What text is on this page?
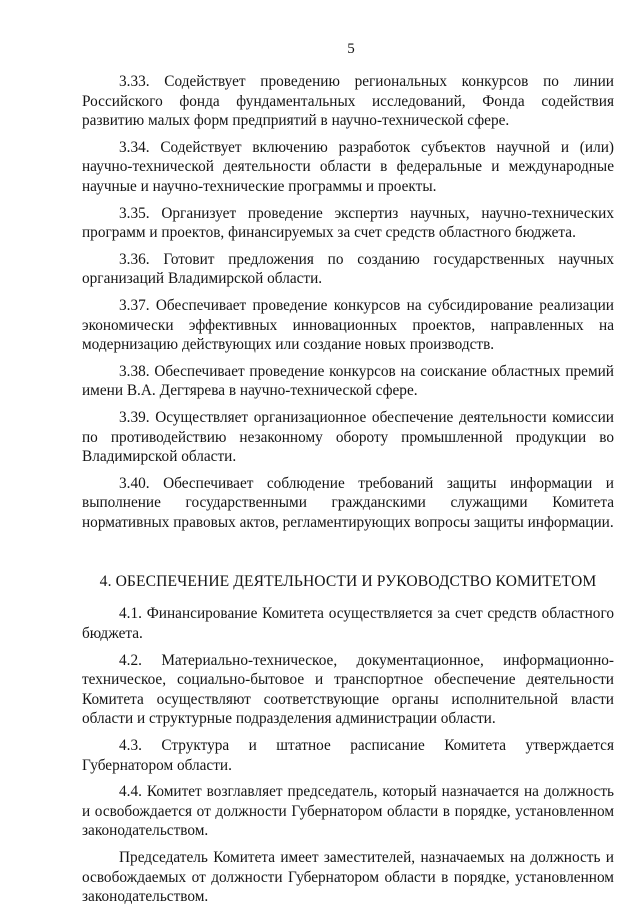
5

3.33. Содействует проведению региональных конкурсов по линии Российского фонда фундаментальных исследований, Фонда содействия развитию малых форм предприятий в научно-технической сфере.

3.34. Содействует включению разработок субъектов научной и (или) научно-технической деятельности области в федеральные и международные научные и научно-технические программы и проекты.

3.35. Организует проведение экспертиз научных, научно-технических программ и проектов, финансируемых за счет средств областного бюджета.

3.36. Готовит предложения по созданию государственных научных организаций Владимирской области.

3.37. Обеспечивает проведение конкурсов на субсидирование реализации экономически эффективных инновационных проектов, направленных на модернизацию действующих или создание новых производств.

3.38. Обеспечивает проведение конкурсов на соискание областных премий имени В.А. Дегтярева в научно-технической сфере.

3.39. Осуществляет организационное обеспечение деятельности комиссии по противодействию незаконному обороту промышленной продукции во Владимирской области.

3.40. Обеспечивает соблюдение требований защиты информации и выполнение государственными гражданскими служащими Комитета нормативных правовых актов, регламентирующих вопросы защиты информации.

4. ОБЕСПЕЧЕНИЕ ДЕЯТЕЛЬНОСТИ И РУКОВОДСТВО КОМИТЕТОМ

4.1. Финансирование Комитета осуществляется за счет средств областного бюджета.

4.2. Материально-техническое, документационное, информационно-техническое, социально-бытовое и транспортное обеспечение деятельности Комитета осуществляют соответствующие органы исполнительной власти области и структурные подразделения администрации области.

4.3. Структура и штатное расписание Комитета утверждается Губернатором области.

4.4. Комитет возглавляет председатель, который назначается на должность и освобождается от должности Губернатором области в порядке, установленном законодательством.

Председатель Комитета имеет заместителей, назначаемых на должность и освобождаемых от должности Губернатором области в порядке, установленном законодательством.
